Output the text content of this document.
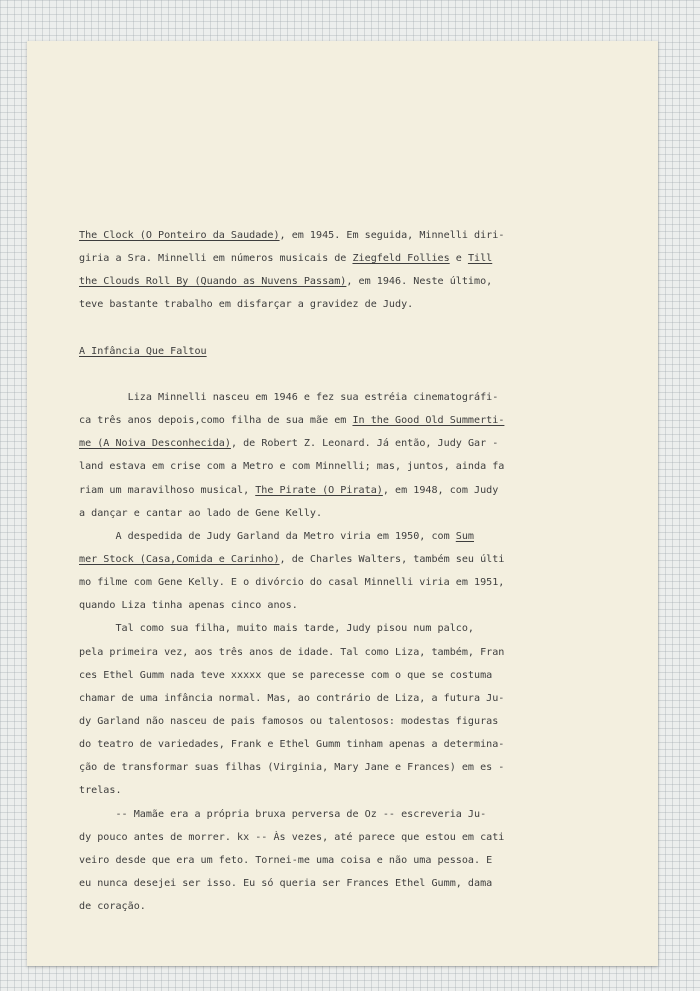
The Clock (O Ponteiro da Saudade), em 1945. Em seguida, Minnelli diri-
giria a Sra. Minnelli em números musicais de Ziegfeld Follies e Till
the Clouds Roll By (Quando as Nuvens Passam), em 1946. Neste último,
teve bastante trabalho em disfarçar a gravidez de Judy.
A Infância Que Faltou
Liza Minnelli nasceu em 1946 e fez sua estréia cinematográfi-
ca três anos depois,como filha de sua mãe em In the Good Old Summerti-
me (A Noiva Desconhecida), de Robert Z. Leonard. Já então, Judy Gar -
land estava em crise com a Metro e com Minnelli; mas, juntos, ainda fa
riam um maravilhoso musical, The Pirate (O Pirata), em 1948, com Judy
a dançar e cantar ao lado de Gene Kelly.
A despedida de Judy Garland da Metro viria em 1950, com Sum
mer Stock (Casa,Comida e Carinho), de Charles Walters, também seu últi
mo filme com Gene Kelly. E o divórcio do casal Minnelli viria em 1951,
quando Liza tinha apenas cinco anos.
Tal como sua filha, muito mais tarde, Judy pisou num palco,
pela primeira vez, aos três anos de idade. Tal como Liza, também, Fran
ces Ethel Gumm nada teve xxxxx que se parecesse com o que se costuma
chamar de uma infância normal. Mas, ao contrário de Liza, a futura Ju-
dy Garland não nasceu de pais famosos ou talentosos: modestas figuras
do teatro de variedades, Frank e Ethel Gumm tinham apenas a determina-
ção de transformar suas filhas (Virginia, Mary Jane e Frances) em es -
trelas.
-- Mamãe era a própria bruxa perversa de Oz -- escreveria Ju-
dy pouco antes de morrer. kx -- Às vezes, até parece que estou em cati
veiro desde que era um feto. Tornei-me uma coisa e não uma pessoa. E
eu nunca desejei ser isso. Eu só queria ser Frances Ethel Gumm, dama
de coração.
